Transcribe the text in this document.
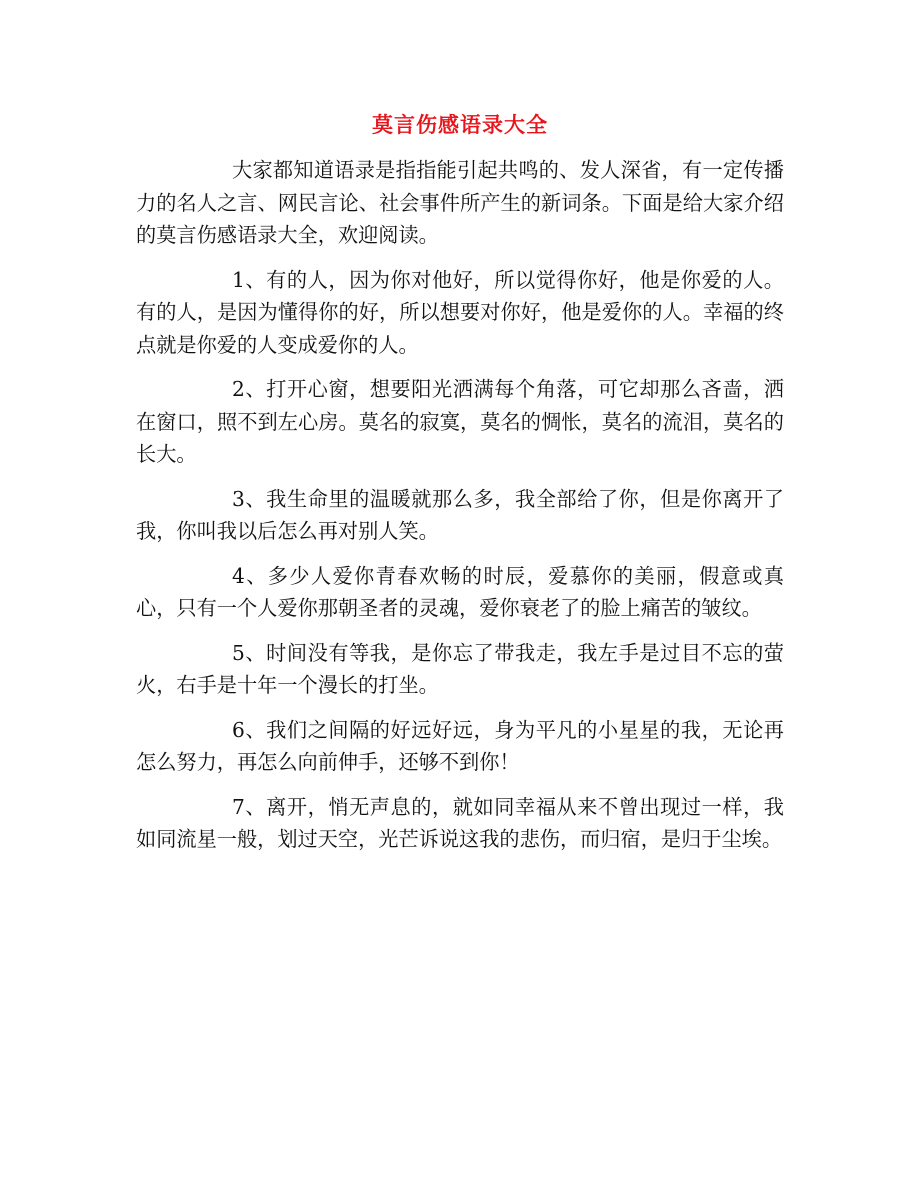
莫言伤感语录大全

大家都知道语录是指指能引起共鸣的、发人深省，有一定传播力的名人之言、网民言论、社会事件所产生的新词条。下面是给大家介绍的莫言伤感语录大全，欢迎阅读。

1、有的人，因为你对他好，所以觉得你好，他是你爱的人。有的人，是因为懂得你的好，所以想要对你好，他是爱你的人。幸福的终点就是你爱的人变成爱你的人。

2、打开心窗，想要阳光洒满每个角落，可它却那么吝啬，洒在窗口，照不到左心房。莫名的寂寞，莫名的惆怅，莫名的流泪，莫名的长大。

3、我生命里的温暖就那么多，我全部给了你，但是你离开了我，你叫我以后怎么再对别人笑。

4、多少人爱你青春欢畅的时辰，爱慕你的美丽，假意或真心，只有一个人爱你那朝圣者的灵魂，爱你衰老了的脸上痛苦的皱纹。

5、时间没有等我，是你忘了带我走，我左手是过目不忘的萤火，右手是十年一个漫长的打坐。

6、我们之间隔的好远好远，身为平凡的小星星的我，无论再怎么努力，再怎么向前伸手，还够不到你！

7、离开，悄无声息的，就如同幸福从来不曾出现过一样，我如同流星一般，划过天空，光芒诉说这我的悲伤，而归宿，是归于尘埃。
